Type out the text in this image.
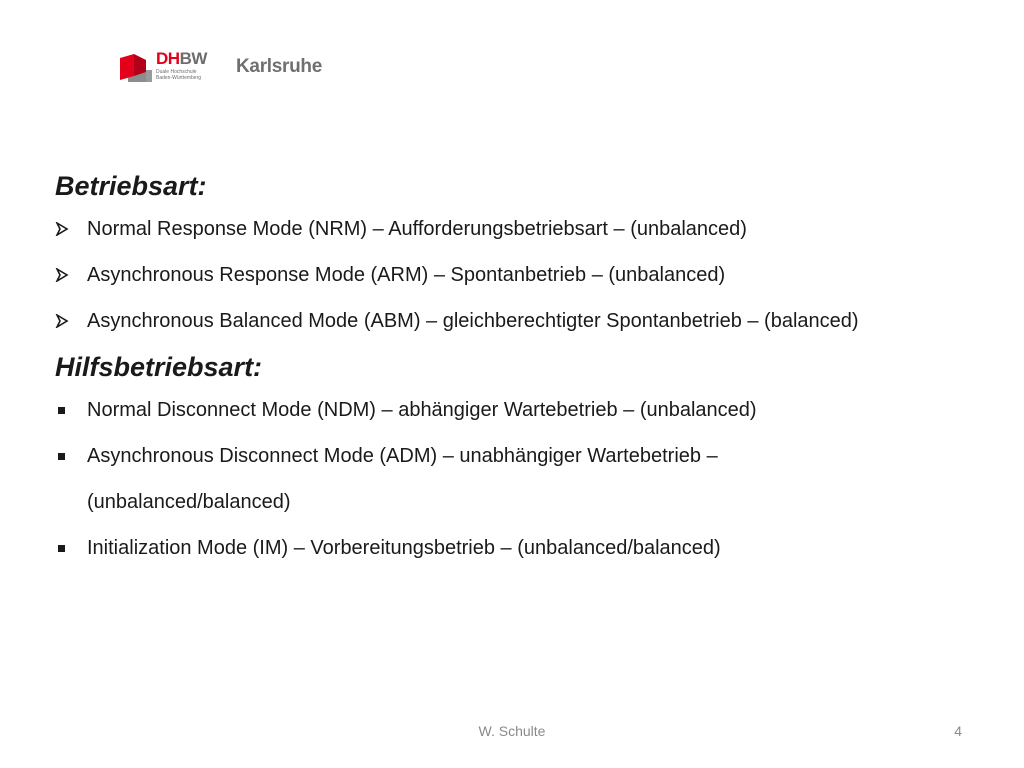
DHBW
Duale Hochschule
Baden-Württemberg
Karlsruhe
Betriebsart:
Normal Response Mode (NRM) – Aufforderungsbetriebsart – (unbalanced)
Asynchronous Response Mode (ARM) – Spontanbetrieb – (unbalanced)
Asynchronous Balanced Mode (ABM) – gleichberechtigter Spontanbetrieb – (balanced)
Hilfsbetriebsart:
Normal Disconnect Mode (NDM) – abhängiger Wartebetrieb – (unbalanced)
Asynchronous Disconnect Mode (ADM) – unabhängiger Wartebetrieb – (unbalanced/balanced)
Initialization Mode (IM) – Vorbereitungsbetrieb – (unbalanced/balanced)
W. Schulte	4
